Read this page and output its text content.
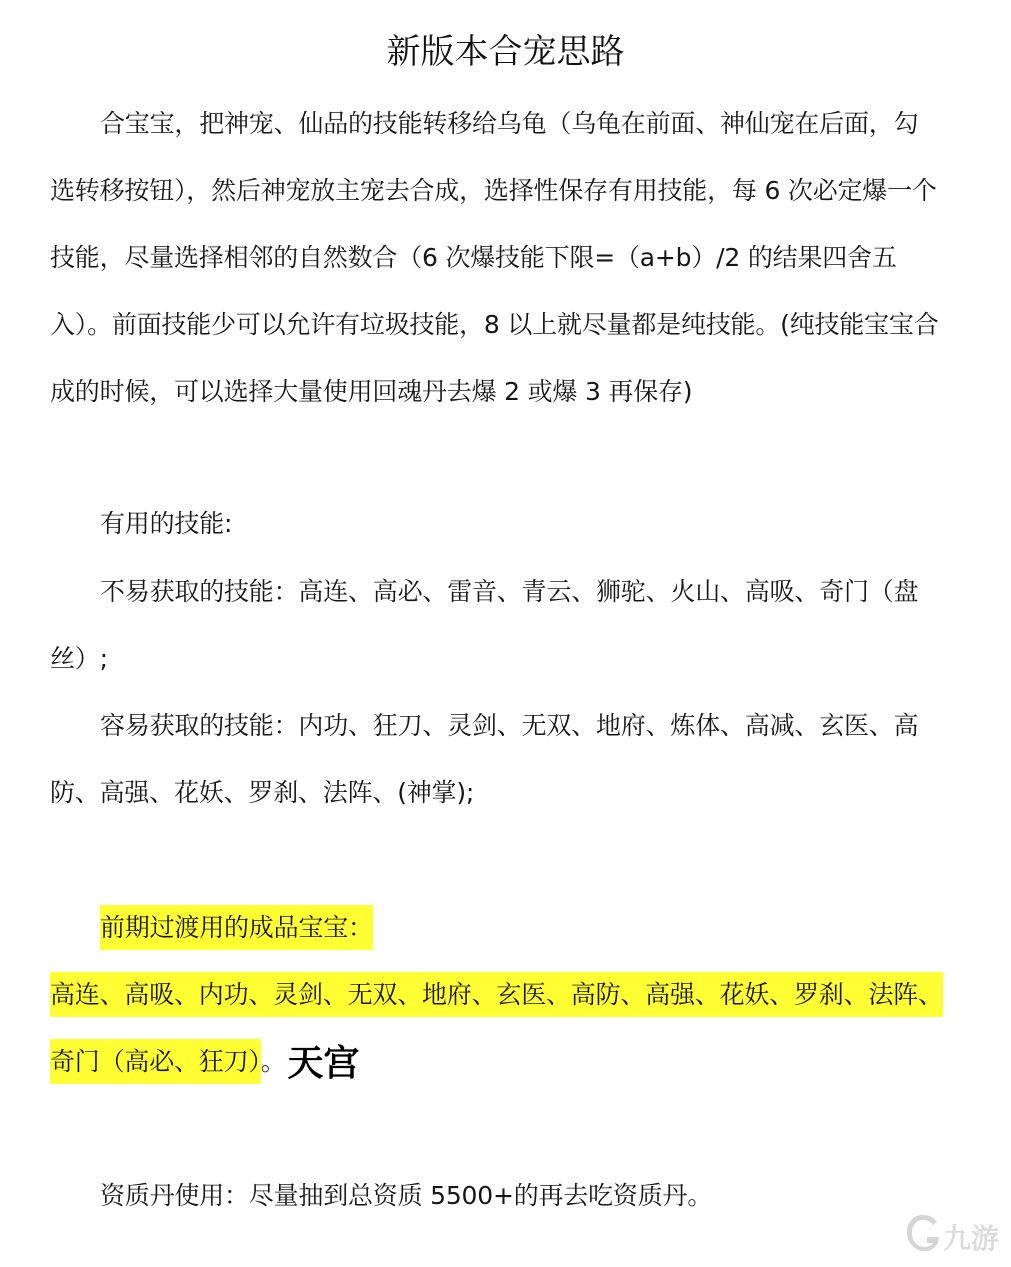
新版本合宠思路

合宝宝，把神宠、仙品的技能转移给乌龟（乌龟在前面、神仙宠在后面，勾选转移按钮），然后神宠放主宠去合成，选择性保存有用技能，每 6 次必定爆一个技能，尽量选择相邻的自然数合（6 次爆技能下限=（a+b）/2 的结果四舍五入）。前面技能少可以允许有垃圾技能，8 以上就尽量都是纯技能。(纯技能宝宝合成的时候，可以选择大量使用回魂丹去爆 2 或爆 3 再保存)

有用的技能:

不易获取的技能：高连、高必、雷音、青云、狮驼、火山、高吸、奇门（盘丝）;

容易获取的技能：内功、狂刀、灵剑、无双、地府、炼体、高减、玄医、高防、高强、花妖、罗刹、法阵、(神掌);

前期过渡用的成品宝宝：
高连、高吸、内功、灵剑、无双、地府、玄医、高防、高强、花妖、罗刹、法阵、
奇门（高必、狂刀）。天宫

资质丹使用：尽量抽到总资质 5500+的再去吃资质丹。

九游
